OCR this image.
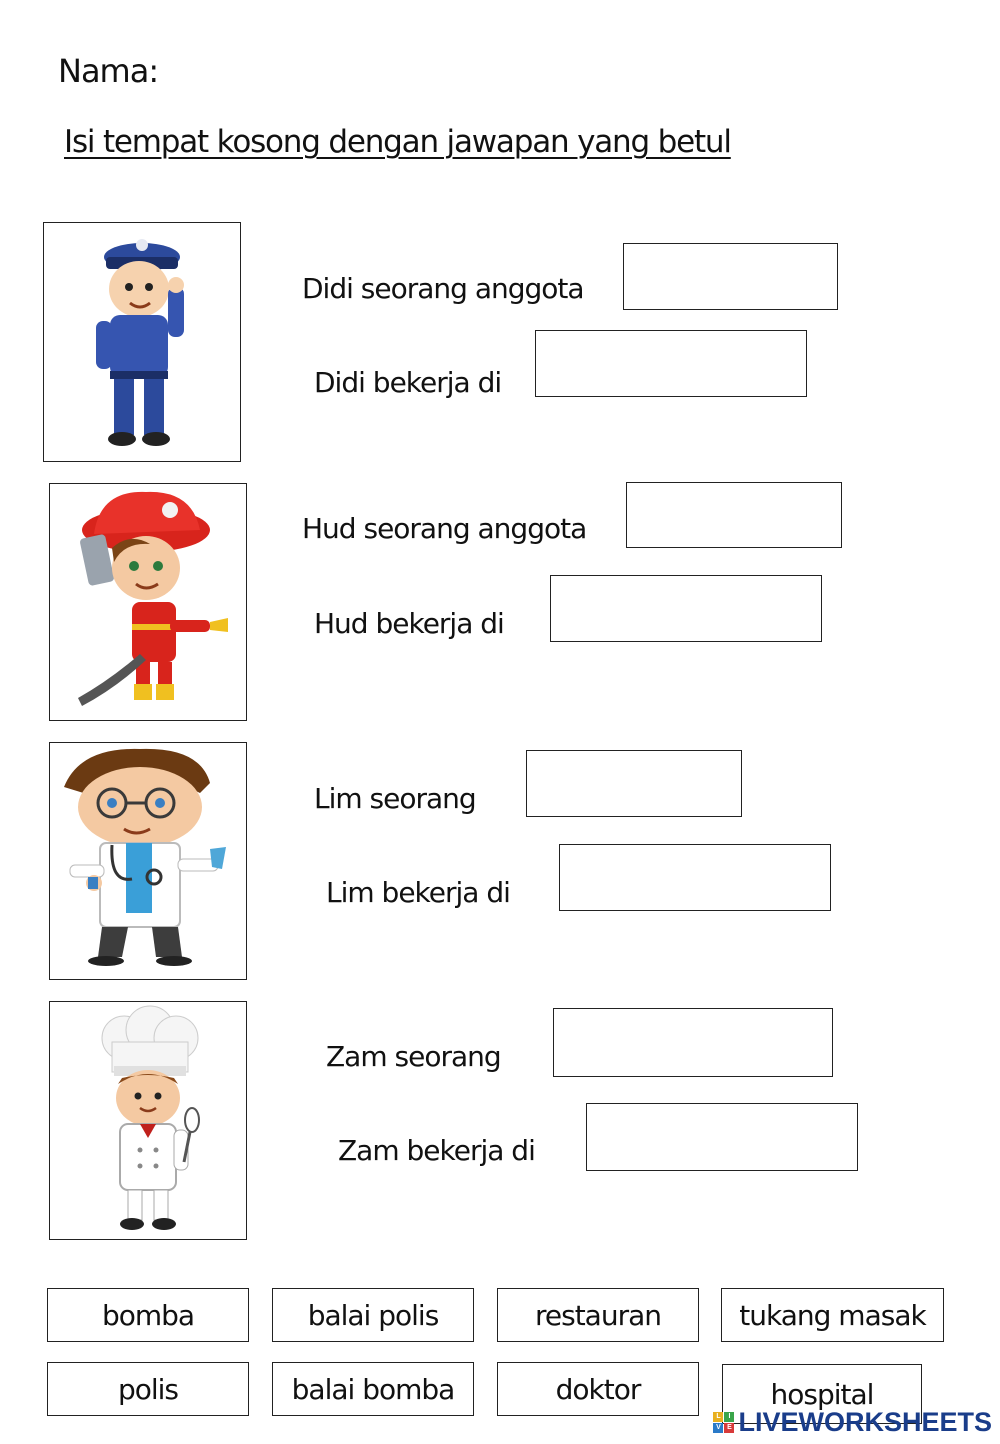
Nama:
Isi tempat kosong dengan jawapan yang betul
Didi seorang anggota
Didi bekerja di
Hud seorang anggota
Hud bekerja di
Lim seorang
Lim bekerja di
Zam seorang
Zam bekerja di
bomba	balai polis	restauran	tukang masak
polis	balai bomba	doktor	hospital
L	I
V E LIVEWORKSHEETS
